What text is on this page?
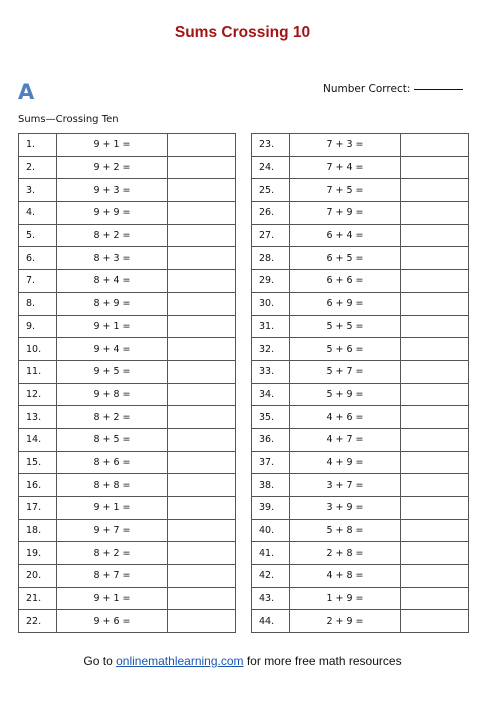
Sums Crossing 10
A	Number Correct:
Sums—Crossing Ten
1.	9 + 1 =	
2.	9 + 2 =	
3.	9 + 3 =	
4.	9 + 9 =	
5.	8 + 2 =	
6.	8 + 3 =	
7.	8 + 4 =	
8.	8 + 9 =	
9.	9 + 1 =	
10.	9 + 4 =	
11.	9 + 5 =	
12.	9 + 8 =	
13.	8 + 2 =	
14.	8 + 5 =	
15.	8 + 6 =	
16.	8 + 8 =	
17.	9 + 1 =	
18.	9 + 7 =	
19.	8 + 2 =	
20.	8 + 7 =	
21.	9 + 1 =	
22.	9 + 6 =	
23.	7 + 3 =	
24.	7 + 4 =	
25.	7 + 5 =	
26.	7 + 9 =	
27.	6 + 4 =	
28.	6 + 5 =	
29.	6 + 6 =	
30.	6 + 9 =	
31.	5 + 5 =	
32.	5 + 6 =	
33.	5 + 7 =	
34.	5 + 9 =	
35.	4 + 6 =	
36.	4 + 7 =	
37.	4 + 9 =	
38.	3 + 7 =	
39.	3 + 9 =	
40.	5 + 8 =	
41.	2 + 8 =	
42.	4 + 8 =	
43.	1 + 9 =	
44.	2 + 9 =	
Go to onlinemathlearning.com for more free math resources
